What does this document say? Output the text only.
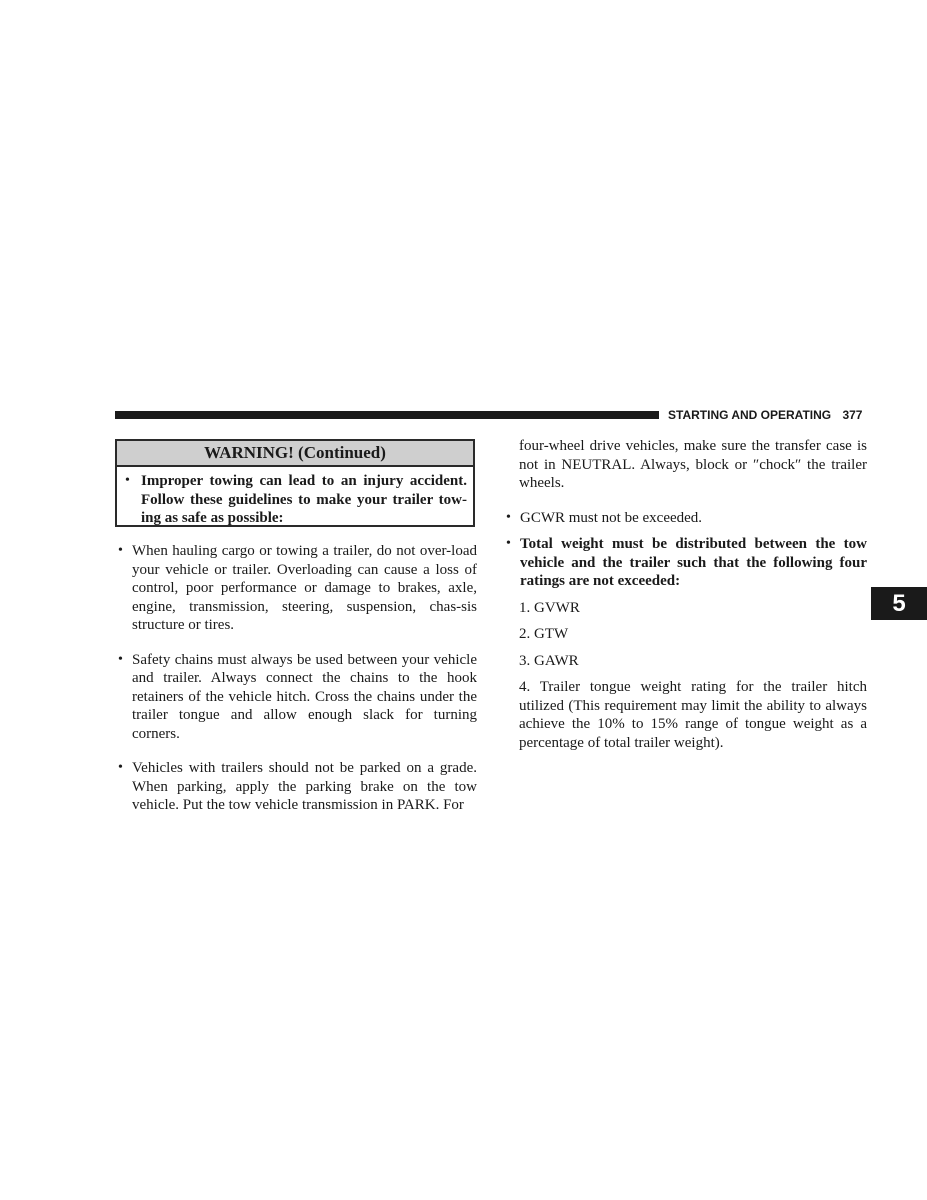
STARTING AND OPERATING 377
5
WARNING! (Continued)
• Improper towing can lead to an injury accident. Follow these guidelines to make your trailer tow-ing as safe as possible:
• When hauling cargo or towing a trailer, do not over-load your vehicle or trailer. Overloading can cause a loss of control, poor performance or damage to brakes, axle, engine, transmission, steering, suspension, chas-sis structure or tires.
• Safety chains must always be used between your vehicle and trailer. Always connect the chains to the hook retainers of the vehicle hitch. Cross the chains under the trailer tongue and allow enough slack for turning corners.
• Vehicles with trailers should not be parked on a grade. When parking, apply the parking brake on the tow vehicle. Put the tow vehicle transmission in PARK. For
four-wheel drive vehicles, make sure the transfer case is not in NEUTRAL. Always, block or ″chock″ the trailer wheels.
• GCWR must not be exceeded.
• Total weight must be distributed between the tow vehicle and the trailer such that the following four ratings are not exceeded:
1. GVWR
2. GTW
3. GAWR
4. Trailer tongue weight rating for the trailer hitch utilized (This requirement may limit the ability to always achieve the 10% to 15% range of tongue weight as a percentage of total trailer weight).
